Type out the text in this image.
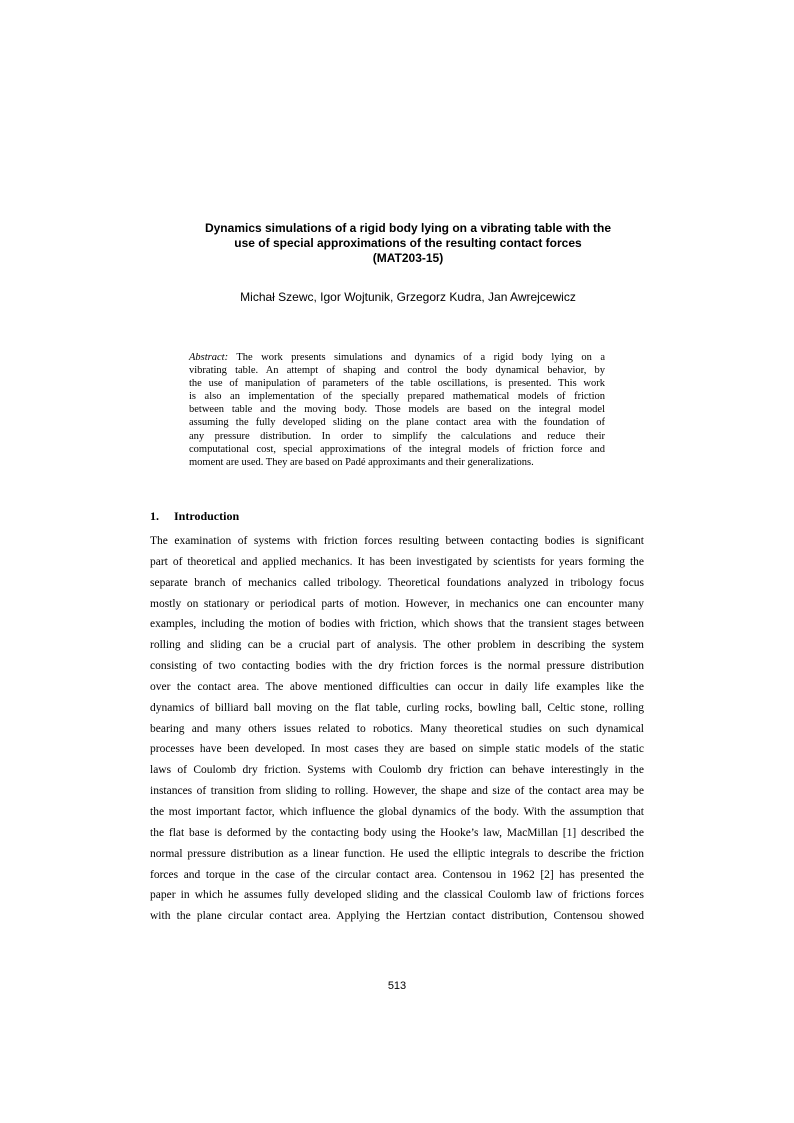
Dynamics simulations of a rigid body lying on a vibrating table with the
use of special approximations of the resulting contact forces
(MAT203-15)
Michał Szewc, Igor Wojtunik, Grzegorz Kudra, Jan Awrejcewicz
Abstract: The work presents simulations and dynamics of a rigid body lying on a
vibrating table. An attempt of shaping and control the body dynamical behavior, by
the use of manipulation of parameters of the table oscillations, is presented. This work
is also an implementation of the specially prepared mathematical models of friction
between table and the moving body. Those models are based on the integral model
assuming the fully developed sliding on the plane contact area with the foundation of
any pressure distribution. In order to simplify the calculations and reduce their
computational cost, special approximations of the integral models of friction force and
moment are used. They are based on Padé approximants and their generalizations.
1. Introduction
The examination of systems with friction forces resulting between contacting bodies is significant
part of theoretical and applied mechanics. It has been investigated by scientists for years forming the
separate branch of mechanics called tribology. Theoretical foundations analyzed in tribology focus
mostly on stationary or periodical parts of motion. However, in mechanics one can encounter many
examples, including the motion of bodies with friction, which shows that the transient stages between
rolling and sliding can be a crucial part of analysis. The other problem in describing the system
consisting of two contacting bodies with the dry friction forces is the normal pressure distribution
over the contact area. The above mentioned difficulties can occur in daily life examples like the
dynamics of billiard ball moving on the flat table, curling rocks, bowling ball, Celtic stone, rolling
bearing and many others issues related to robotics. Many theoretical studies on such dynamical
processes have been developed. In most cases they are based on simple static models of the static
laws of Coulomb dry friction. Systems with Coulomb dry friction can behave interestingly in the
instances of transition from sliding to rolling. However, the shape and size of the contact area may be
the most important factor, which influence the global dynamics of the body. With the assumption that
the flat base is deformed by the contacting body using the Hooke’s law, MacMillan [1] described the
normal pressure distribution as a linear function. He used the elliptic integrals to describe the friction
forces and torque in the case of the circular contact area. Contensou in 1962 [2] has presented the
paper in which he assumes fully developed sliding and the classical Coulomb law of frictions forces
with the plane circular contact area. Applying the Hertzian contact distribution, Contensou showed
513
